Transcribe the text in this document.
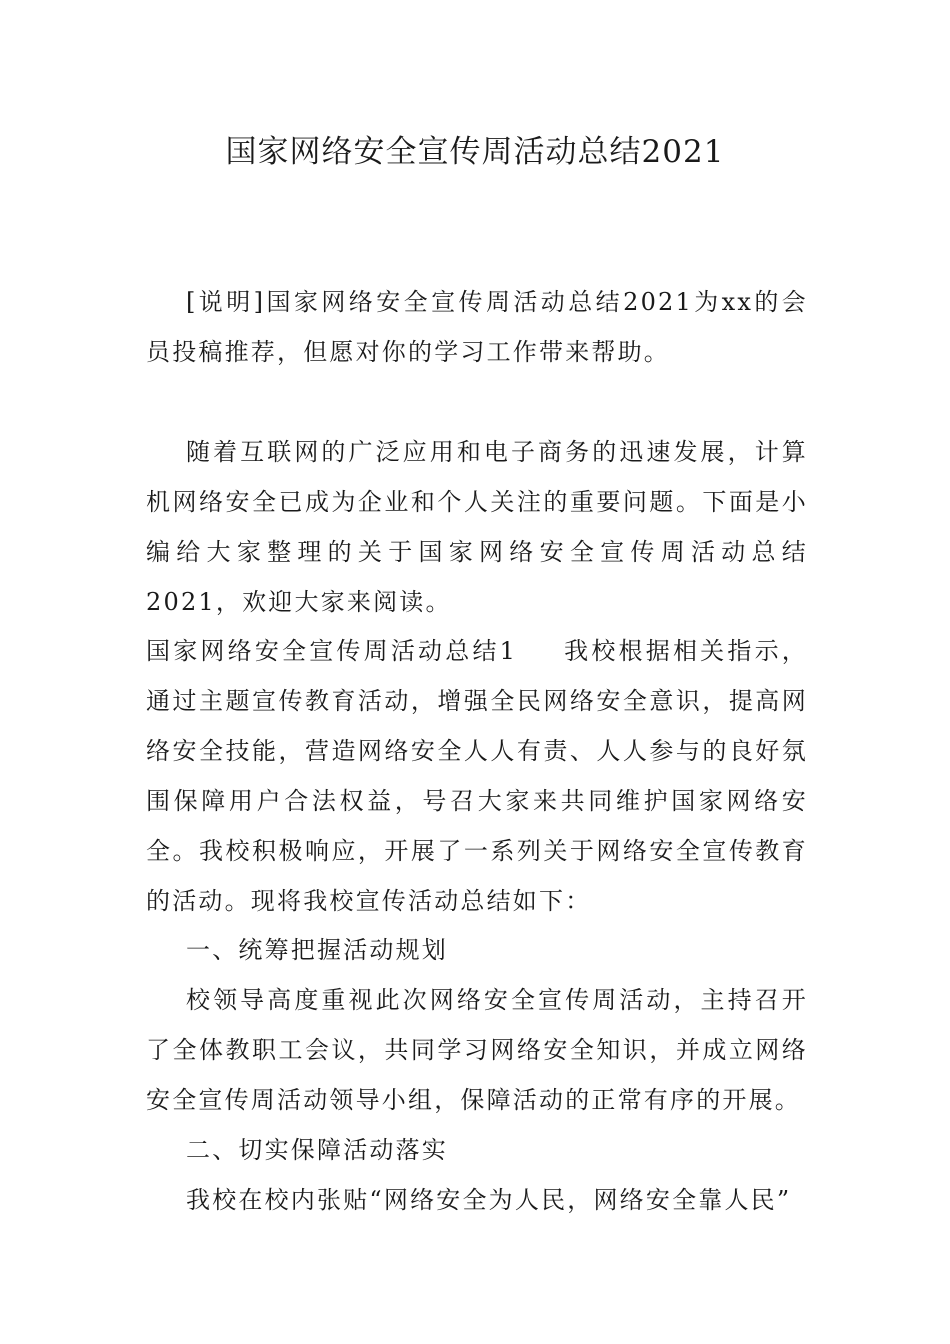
国家网络安全宣传周活动总结2021

[说明]国家网络安全宣传周活动总结2021为xx的会员投稿推荐，但愿对你的学习工作带来帮助。

随着互联网的广泛应用和电子商务的迅速发展，计算机网络安全已成为企业和个人关注的重要问题。下面是小编给大家整理的关于国家网络安全宣传周活动总结2021，欢迎大家来阅读。

国家网络安全宣传周活动总结1 我校根据相关指示，通过主题宣传教育活动，增强全民网络安全意识，提高网络安全技能，营造网络安全人人有责、人人参与的良好氛围保障用户合法权益，号召大家来共同维护国家网络安全。我校积极响应，开展了一系列关于网络安全宣传教育的活动。现将我校宣传活动总结如下：

一、统筹把握活动规划

校领导高度重视此次网络安全宣传周活动，主持召开了全体教职工会议，共同学习网络安全知识，并成立网络安全宣传周活动领导小组，保障活动的正常有序的开展。

二、切实保障活动落实

我校在校内张贴“网络安全为人民，网络安全靠人民”
